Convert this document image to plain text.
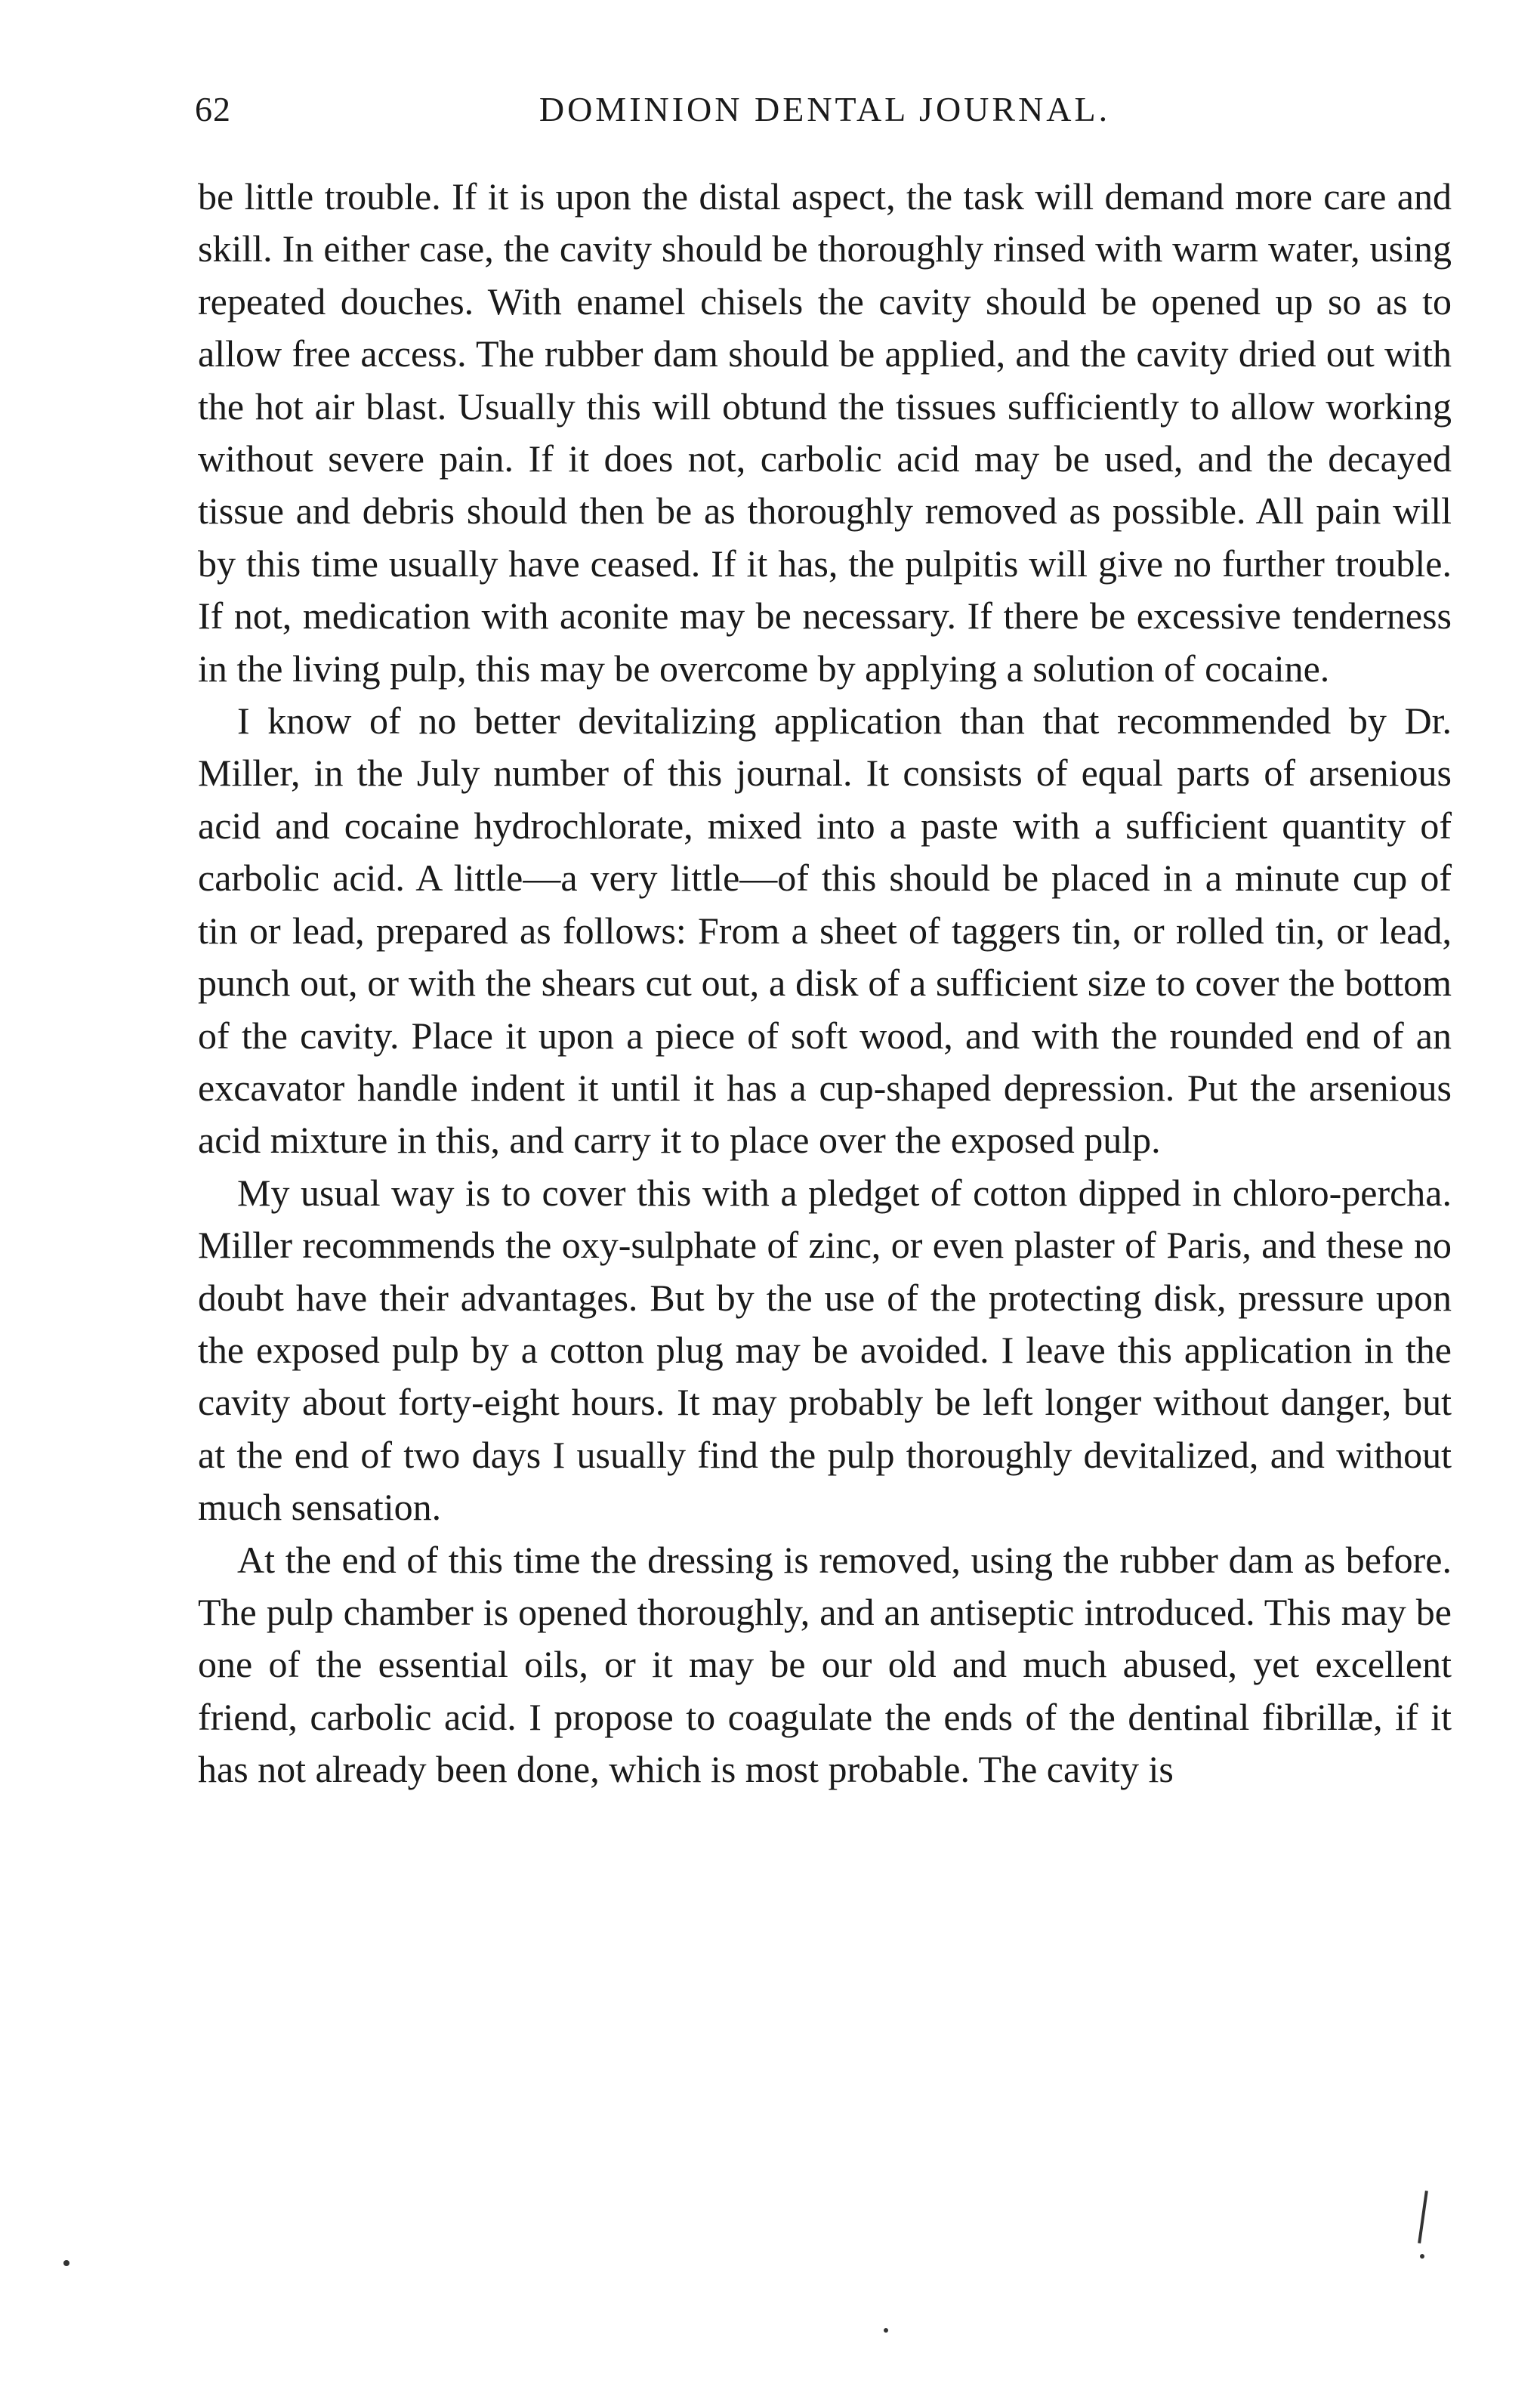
62	DOMINION DENTAL JOURNAL.

be little trouble. If it is upon the distal aspect, the task will demand more care and skill. In either case, the cavity should be thoroughly rinsed with warm water, using repeated douches. With enamel chisels the cavity should be opened up so as to allow free access. The rubber dam should be applied, and the cavity dried out with the hot air blast. Usually this will obtund the tissues sufficiently to allow working without severe pain. If it does not, carbolic acid may be used, and the decayed tissue and debris should then be as thoroughly removed as possible. All pain will by this time usually have ceased. If it has, the pulpitis will give no further trouble. If not, medication with aconite may be necessary. If there be excessive tenderness in the living pulp, this may be overcome by applying a solution of cocaine.

I know of no better devitalizing application than that recommended by Dr. Miller, in the July number of this journal. It consists of equal parts of arsenious acid and cocaine hydrochlorate, mixed into a paste with a sufficient quantity of carbolic acid. A little—a very little—of this should be placed in a minute cup of tin or lead, prepared as follows: From a sheet of taggers tin, or rolled tin, or lead, punch out, or with the shears cut out, a disk of a sufficient size to cover the bottom of the cavity. Place it upon a piece of soft wood, and with the rounded end of an excavator handle indent it until it has a cup-shaped depression. Put the arsenious acid mixture in this, and carry it to place over the exposed pulp.

My usual way is to cover this with a pledget of cotton dipped in chloro-percha. Miller recommends the oxy-sulphate of zinc, or even plaster of Paris, and these no doubt have their advantages. But by the use of the protecting disk, pressure upon the exposed pulp by a cotton plug may be avoided. I leave this application in the cavity about forty-eight hours. It may probably be left longer without danger, but at the end of two days I usually find the pulp thoroughly devitalized, and without much sensation.

At the end of this time the dressing is removed, using the rubber dam as before. The pulp chamber is opened thoroughly, and an antiseptic introduced. This may be one of the essential oils, or it may be our old and much abused, yet excellent friend, carbolic acid. I propose to coagulate the ends of the dentinal fibrillæ, if it has not already been done, which is most probable. The cavity is
